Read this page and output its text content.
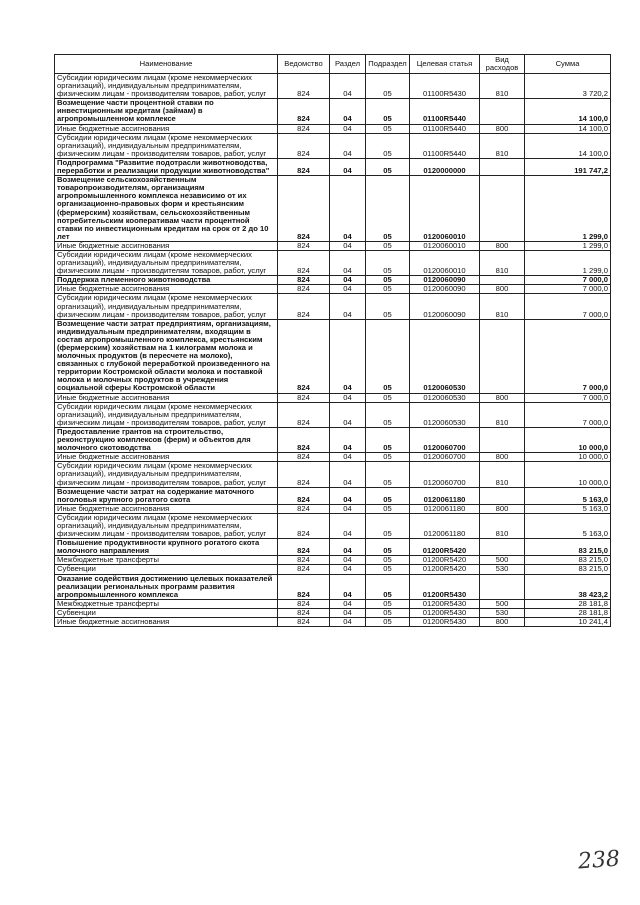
Наименование	Ведомство	Раздел	Подраздел	Целевая статья	Вид расходов	Сумма
Субсидии юридическим лицам (кроме некоммерческих организаций), индивидуальным предпринимателям, физическим лицам - производителям товаров, работ, услуг	824	04	05	01100R5430	810	3 720,2
Возмещение части процентной ставки по инвестиционным кредитам (займам) в агропромышленном комплексе	824	04	05	01100R5440		14 100,0
Иные бюджетные ассигнования	824	04	05	01100R5440	800	14 100,0
Субсидии юридическим лицам (кроме некоммерческих организаций), индивидуальным предпринимателям, физическим лицам - производителям товаров, работ, услуг	824	04	05	01100R5440	810	14 100,0
Подпрограмма "Развитие подотрасли животноводства, переработки и реализации продукции животноводства"	824	04	05	0120000000		191 747,2
Возмещение сельскохозяйственным товаропроизводителям, организациям агропромышленного комплекса независимо от их организационно-правовых форм и крестьянским (фермерским) хозяйствам, сельскохозяйственным потребительским кооперативам части процентной ставки по инвестиционным кредитам на срок от 2 до 10 лет	824	04	05	0120060010		1 299,0
Иные бюджетные ассигнования	824	04	05	0120060010	800	1 299,0
Субсидии юридическим лицам (кроме некоммерческих организаций), индивидуальным предпринимателям, физическим лицам - производителям товаров, работ, услуг	824	04	05	0120060010	810	1 299,0
Поддержка племенного животноводства	824	04	05	0120060090		7 000,0
Иные бюджетные ассигнования	824	04	05	0120060090	800	7 000,0
Субсидии юридическим лицам (кроме некоммерческих организаций), индивидуальным предпринимателям, физическим лицам - производителям товаров, работ, услуг	824	04	05	0120060090	810	7 000,0
Возмещение части затрат предприятиям, организациям, индивидуальным предпринимателям, входящим в состав агропромышленного комплекса, крестьянским (фермерским) хозяйствам на 1 килограмм молока и молочных продуктов (в пересчете на молоко), связанных с глубокой переработкой произведенного на территории Костромской области молока и поставкой молока и молочных продуктов в учреждения социальной сферы Костромской области	824	04	05	0120060530		7 000,0
Иные бюджетные ассигнования	824	04	05	0120060530	800	7 000,0
Субсидии юридическим лицам (кроме некоммерческих организаций), индивидуальным предпринимателям, физическим лицам - производителям товаров, работ, услуг	824	04	05	0120060530	810	7 000,0
Предоставление грантов на строительство, реконструкцию комплексов (ферм) и объектов для молочного скотоводства	824	04	05	0120060700		10 000,0
Иные бюджетные ассигнования	824	04	05	0120060700	800	10 000,0
Субсидии юридическим лицам (кроме некоммерческих организаций), индивидуальным предпринимателям, физическим лицам - производителям товаров, работ, услуг	824	04	05	0120060700	810	10 000,0
Возмещение части затрат на содержание маточного поголовья крупного рогатого скота	824	04	05	0120061180		5 163,0
Иные бюджетные ассигнования	824	04	05	0120061180	800	5 163,0
Субсидии юридическим лицам (кроме некоммерческих организаций), индивидуальным предпринимателям, физическим лицам - производителям товаров, работ, услуг	824	04	05	0120061180	810	5 163,0
Повышение продуктивности крупного рогатого скота молочного направления	824	04	05	01200R5420		83 215,0
Межбюджетные трансферты	824	04	05	01200R5420	500	83 215,0
Субвенции	824	04	05	01200R5420	530	83 215,0
Оказание содействия достижению целевых показателей реализации региональных программ развития агропромышленного комплекса	824	04	05	01200R5430		38 423,2
Межбюджетные трансферты	824	04	05	01200R5430	500	28 181,8
Субвенции	824	04	05	01200R5430	530	28 181,8
Иные бюджетные ассигнования	824	04	05	01200R5430	800	10 241,4
238
